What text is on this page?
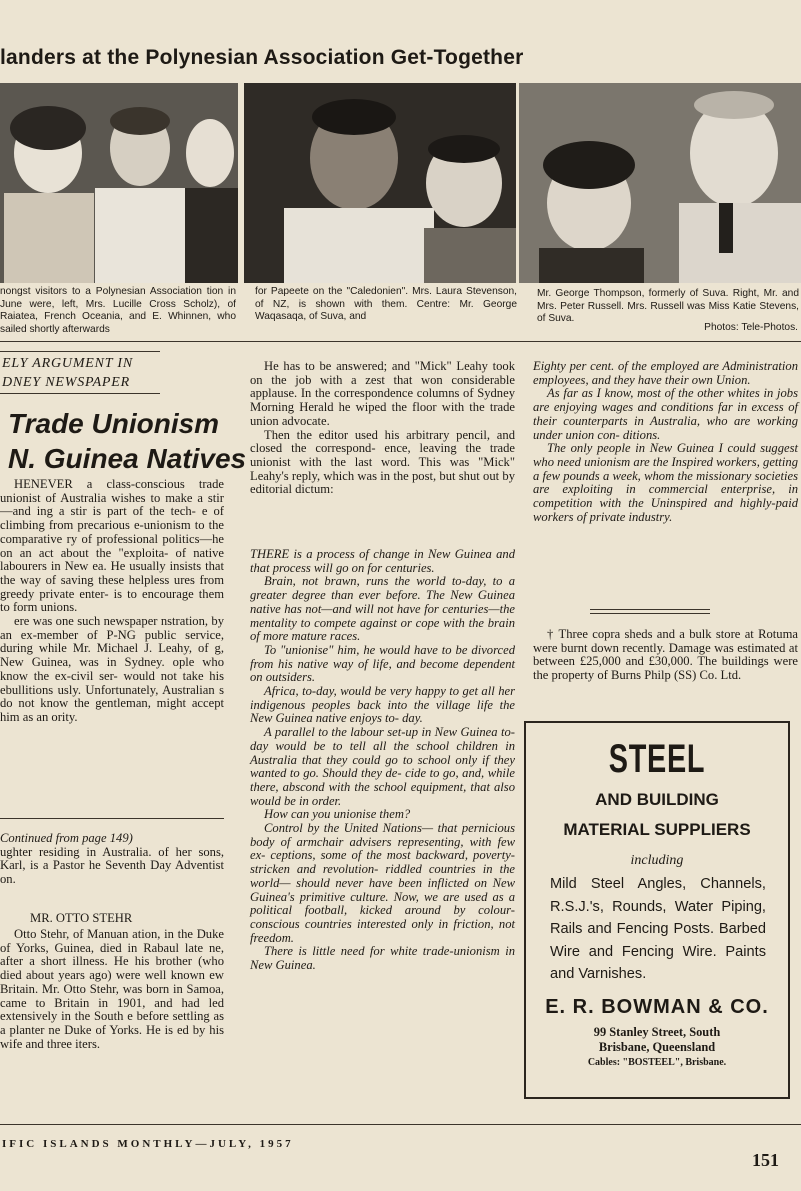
landers at the Polynesian Association Get-Together
nongst visitors to a Polynesian Association tion in June were, left, Mrs. Lucille Cross Scholz), of Raiatea, French Oceania, and E. Whinnen, who sailed shortly afterwards
for Papeete on the "Caledonien". Mrs. Laura Stevenson, of NZ, is shown with them. Centre: Mr. George Waqasaqa, of Suva, and
Mr. George Thompson, formerly of Suva. Right, Mr. and Mrs. Peter Russell. Mrs. Russell was Miss Katie Stevens, of Suva.
Photos: Tele-Photos.
ELY ARGUMENT IN
DNEY NEWSPAPER
Trade Unionism
N. Guinea Natives

HENEVER a class-conscious trade unionist of Australia wishes to make a stir—and ing a stir is part of the tech- e of climbing from precarious e-unionism to the comparative ry of professional politics—he on an act about the "exploita- of native labourers in New ea. He usually insists that the way of saving these helpless ures from greedy private enter- is to encourage them to form unions.

ere was one such newspaper nstration, by an ex-member of P-NG public service, during while Mr. Michael J. Leahy, of g, New Guinea, was in Sydney. ople who know the ex-civil ser- would not take his ebullitions usly. Unfortunately, Australian s do not know the gentleman, might accept him as an ority.

Continued from page 149)

ughter residing in Australia. of her sons, Karl, is a Pastor he Seventh Day Adventist on.

MR. OTTO STEHR

Otto Stehr, of Manuan ation, in the Duke of Yorks, Guinea, died in Rabaul late ne, after a short illness. He his brother (who died about years ago) were well known ew Britain. Mr. Otto Stehr, was born in Samoa, came to Britain in 1901, and had led extensively in the South e before settling as a planter ne Duke of Yorks. He is ed by his wife and three iters.

He has to be answered; and "Mick" Leahy took on the job with a zest that won considerable applause. In the correspondence columns of Sydney Morning Herald he wiped the floor with the trade union advocate.

Then the editor used his arbitrary pencil, and closed the correspond- ence, leaving the trade unionist with the last word. This was "Mick" Leahy's reply, which was in the post, but shut out by editorial dictum:

THERE is a process of change in New Guinea and that process will go on for centuries.

Brain, not brawn, runs the world to-day, to a greater degree than ever before. The New Guinea native has not—and will not have for centuries—the mentality to compete against or cope with the brain of more mature races.

To "unionise" him, he would have to be divorced from his native way of life, and become dependent on outsiders.

Africa, to-day, would be very happy to get all her indigenous peoples back into the village life the New Guinea native enjoys to- day.

A parallel to the labour set-up in New Guinea to-day would be to tell all the school children in Australia that they could go to school only if they wanted to go. Should they de- cide to go, and, while there, abscond with the school equipment, that also would be in order.

How can you unionise them?

Control by the United Nations— that pernicious body of armchair advisers representing, with few ex- ceptions, some of the most backward, poverty-stricken and revolution- riddled countries in the world— should never have been inflicted on New Guinea's primitive culture. Now, we are used as a political football, kicked around by colour-conscious countries interested only in friction, not freedom.

There is little need for white trade-unionism in New Guinea.

Eighty per cent. of the employed are Administration employees, and they have their own Union.

As far as I know, most of the other whites in jobs are enjoying wages and conditions far in excess of their counterparts in Australia, who are working under union con- ditions.

The only people in New Guinea I could suggest who need unionism are the Inspired workers, getting a few pounds a week, whom the missionary societies are exploiting in commercial enterprise, in competition with the Uninspired and highly-paid workers of private industry.

† Three copra sheds and a bulk store at Rotuma were burnt down recently. Damage was estimated at between £25,000 and £30,000. The buildings were the property of Burns Philp (SS) Co. Ltd.

STEEL
AND BUILDING
MATERIAL SUPPLIERS
including
Mild Steel Angles, Channels, R.S.J.'s, Rounds, Water Piping, Rails and Fencing Posts. Barbed Wire and Fencing Wire. Paints and Varnishes.
E. R. BOWMAN & CO.
99 Stanley Street, South
Brisbane, Queensland
Cables: "BOSTEEL", Brisbane.
IFIC ISLANDS MONTHLY—JULY, 1957
151
